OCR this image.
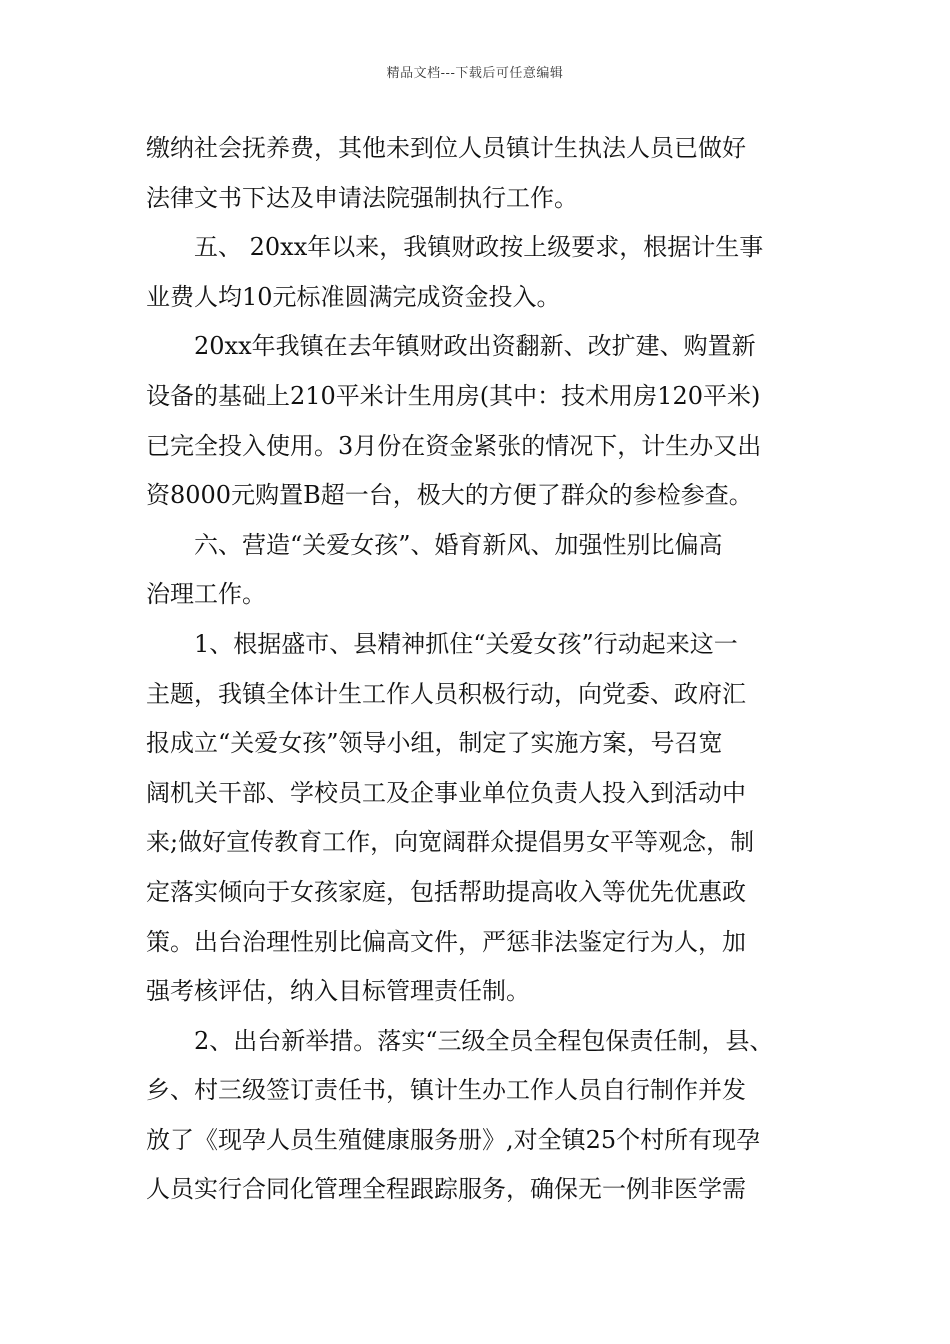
精品文档---下载后可任意编辑
缴纳社会抚养费，其他未到位人员镇计生执法人员已做好
法律文书下达及申请法院强制执行工作。
五、 20xx年以来，我镇财政按上级要求，根据计生事
业费人均10元标准圆满完成资金投入。
20xx年我镇在去年镇财政出资翻新、改扩建、购置新
设备的基础上210平米计生用房(其中：技术用房120平米)
已完全投入使用。3月份在资金紧张的情况下，计生办又出
资8000元购置B超一台，极大的方便了群众的参检参查。
六、营造“关爱女孩”、婚育新风、加强性别比偏高
治理工作。
1、根据盛市、县精神抓住“关爱女孩”行动起来这一
主题，我镇全体计生工作人员积极行动，向党委、政府汇
报成立“关爱女孩”领导小组，制定了实施方案，号召宽
阔机关干部、学校员工及企事业单位负责人投入到活动中
来;做好宣传教育工作，向宽阔群众提倡男女平等观念，制
定落实倾向于女孩家庭，包括帮助提高收入等优先优惠政
策。出台治理性别比偏高文件，严惩非法鉴定行为人，加
强考核评估，纳入目标管理责任制。
2、出台新举措。落实“三级全员全程包保责任制，县、
乡、村三级签订责任书，镇计生办工作人员自行制作并发
放了《现孕人员生殖健康服务册》,对全镇25个村所有现孕
人员实行合同化管理全程跟踪服务，确保无一例非医学需
